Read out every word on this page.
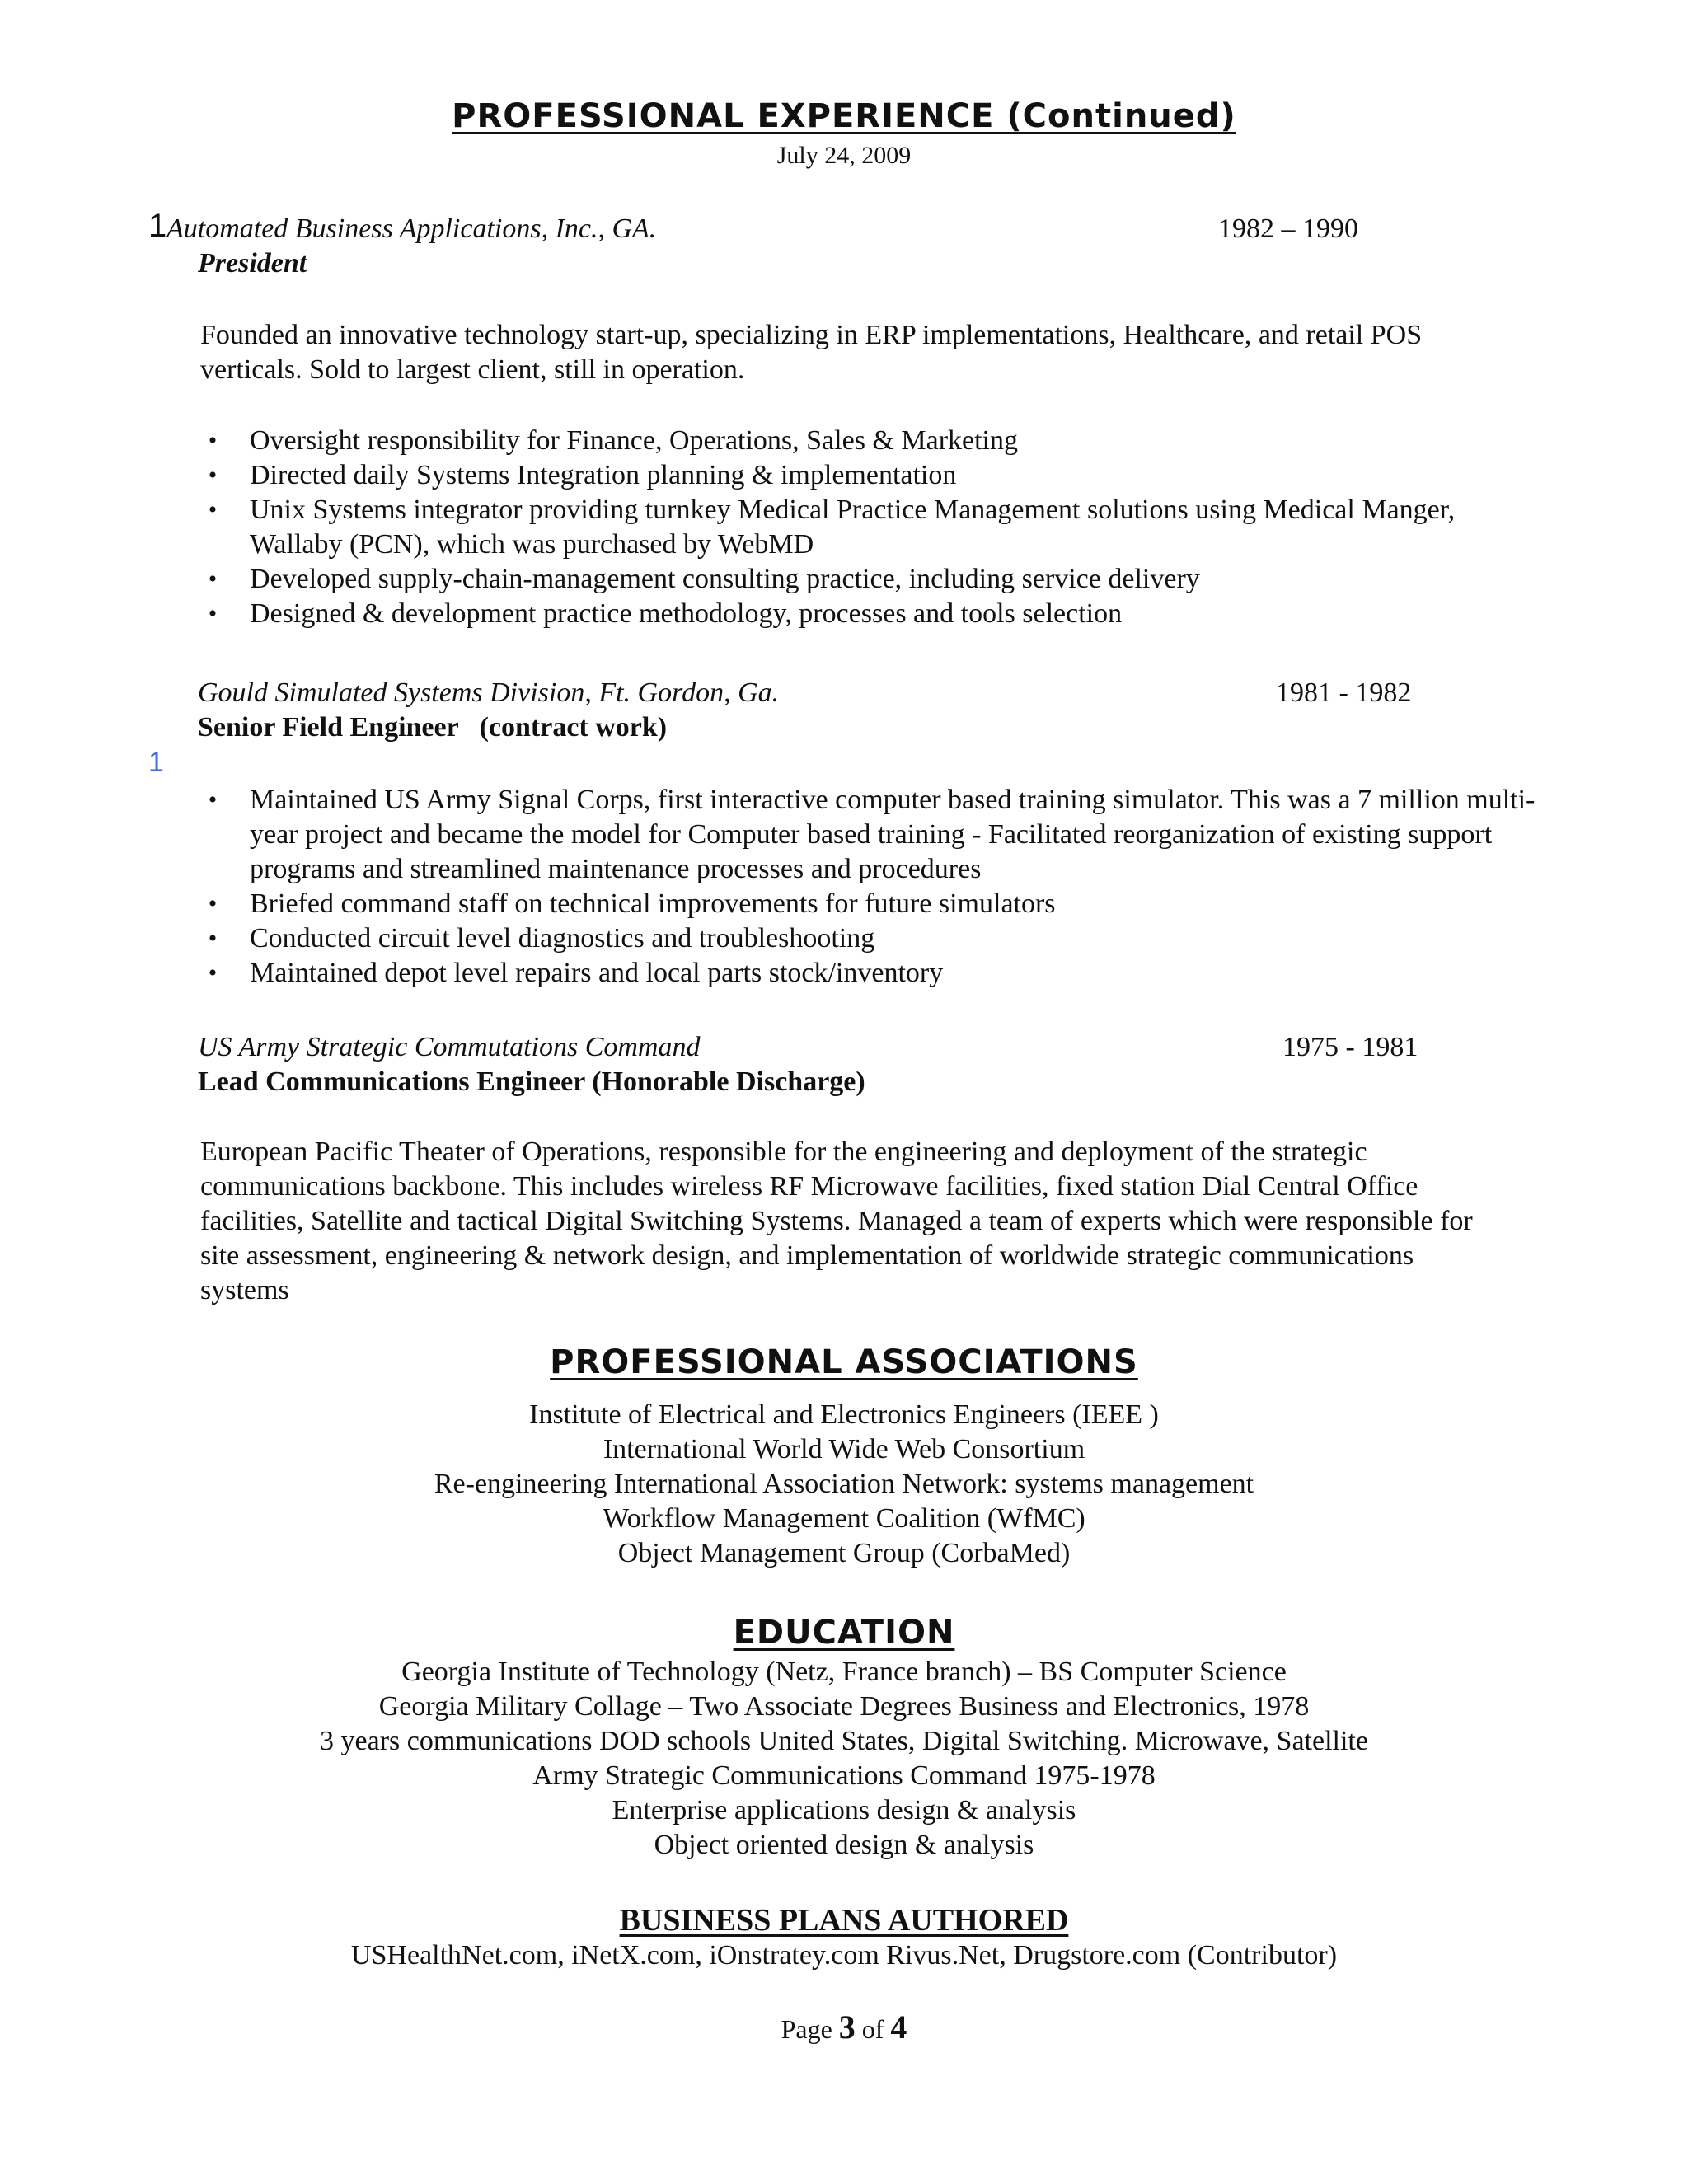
PROFESSIONAL EXPERIENCE (Continued)
July 24, 2009
1 Automated Business Applications, Inc., GA.	1982 – 1990
President
Founded an innovative technology start-up, specializing in ERP implementations, Healthcare, and retail POS verticals. Sold to largest client, still in operation.
• Oversight responsibility for Finance, Operations, Sales & Marketing
• Directed daily Systems Integration planning & implementation
• Unix Systems integrator providing turnkey Medical Practice Management solutions using Medical Manger, Wallaby (PCN), which was purchased by WebMD
• Developed supply-chain-management consulting practice, including service delivery
• Designed & development practice methodology, processes and tools selection
Gould Simulated Systems Division, Ft. Gordon, Ga.	1981 - 1982
Senior Field Engineer   (contract work)
1
• Maintained US Army Signal Corps, first interactive computer based training simulator. This was a 7 million multi-year project and became the model for Computer based training - Facilitated reorganization of existing support programs and streamlined maintenance processes and procedures
• Briefed command staff on technical improvements for future simulators
• Conducted circuit level diagnostics and troubleshooting
• Maintained depot level repairs and local parts stock/inventory
US Army Strategic Commutations Command	1975 - 1981
Lead Communications Engineer (Honorable Discharge)
European Pacific Theater of Operations, responsible for the engineering and deployment of the strategic communications backbone. This includes wireless RF Microwave facilities, fixed station Dial Central Office facilities, Satellite and tactical Digital Switching Systems. Managed a team of experts which were responsible for site assessment, engineering & network design, and implementation of worldwide strategic communications systems
PROFESSIONAL ASSOCIATIONS
Institute of Electrical and Electronics Engineers (IEEE )
International World Wide Web Consortium
Re-engineering International Association Network: systems management
Workflow Management Coalition (WfMC)
Object Management Group (CorbaMed)
EDUCATION
Georgia Institute of Technology (Netz, France branch) – BS Computer Science
Georgia Military Collage – Two Associate Degrees Business and Electronics, 1978
3 years communications DOD schools United States, Digital Switching. Microwave, Satellite
Army Strategic Communications Command 1975-1978
Enterprise applications design & analysis
Object oriented design & analysis
BUSINESS PLANS AUTHORED
USHealthNet.com, iNetX.com, iOnstratey.com Rivus.Net, Drugstore.com (Contributor)
Page 3 of 4
